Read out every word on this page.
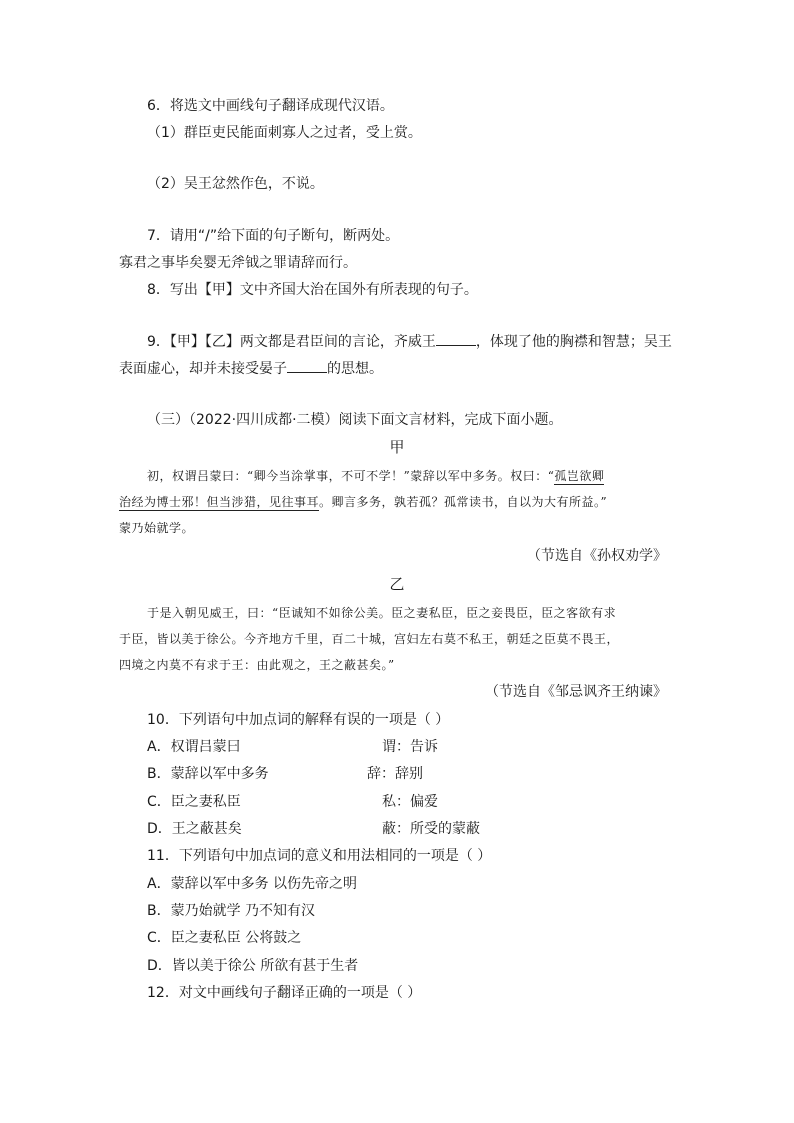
6．将选文中画线句子翻译成现代汉语。
（1）群臣吏民能面刺寡人之过者，受上赏。
（2）吴王忿然作色，不说。
7．请用“/”给下面的句子断句，断两处。
寡君之事毕矣婴无斧钺之罪请辞而行。
8．写出【甲】文中齐国大治在国外有所表现的句子。
9．【甲】【乙】两文都是君臣间的言论，齐威王	，体现了他的胸襟和智慧；吴王
表面虚心，却并未接受晏子	的思想。
（三）（2022·四川成都·二模）阅读下面文言材料，完成下面小题。
甲
初，权谓吕蒙曰：“卿今当涂掌事，不可不学！”蒙辞以军中多务。权曰：“孤岂欲卿
治经为博士邪！但当涉猎，见往事耳。卿言多务，孰若孤？孤常读书，自以为大有所益。”
蒙乃始就学。
（节选自《孙权劝学》
乙
于是入朝见威王，曰：“臣诚知不如徐公美。臣之妻私臣，臣之妾畏臣，臣之客欲有求
于臣，皆以美于徐公。今齐地方千里，百二十城，宫妇左右莫不私王，朝廷之臣莫不畏王，
四境之内莫不有求于王：由此观之，王之蔽甚矣。”
（节选自《邹忌讽齐王纳谏》
10．下列语句中加点词的解释有误的一项是（ ）
A．权谓吕蒙曰	谓：告诉
B．蒙辞以军中多务	辞：辞别
C．臣之妻私臣	私：偏爱
D．王之蔽甚矣	蔽：所受的蒙蔽
11．下列语句中加点词的意义和用法相同的一项是（ ）
A．蒙辞以军中多务 以伤先帝之明
B．蒙乃始就学 乃不知有汉
C．臣之妻私臣 公将鼓之
D．皆以美于徐公 所欲有甚于生者
12．对文中画线句子翻译正确的一项是（ ）
